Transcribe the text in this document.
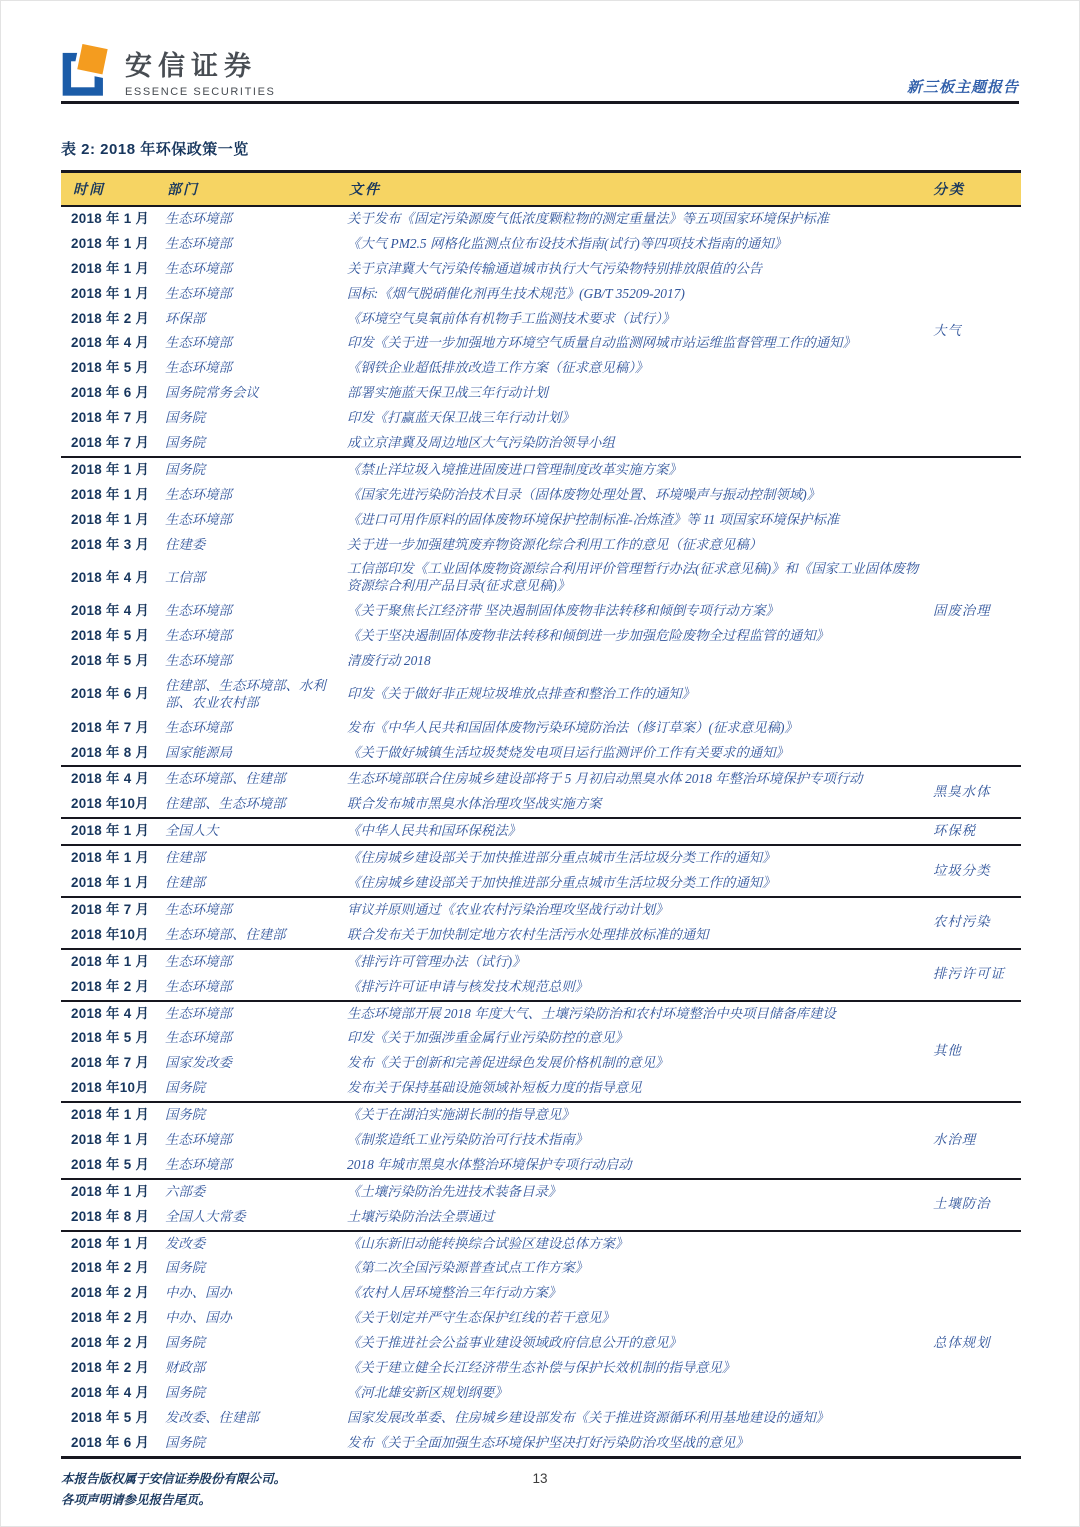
安信证券
ESSENCE SECURITIES	新三板主题报告
表 2: 2018 年环保政策一览
时间	部门	文件	分类
2018 年 1 月	生态环境部	关于发布《固定污染源废气低浓度颗粒物的测定重量法》等五项国家环境保护标准	大气
2018 年 1 月	生态环境部	《大气 PM2.5 网格化监测点位布设技术指南(试行)等四项技术指南的通知》	
2018 年 1 月	生态环境部	关于京津冀大气污染传输通道城市执行大气污染物特别排放限值的公告	
2018 年 1 月	生态环境部	国标:《烟气脱硝催化剂再生技术规范》(GB/T 35209-2017)	
2018 年 2 月	环保部	《环境空气臭氧前体有机物手工监测技术要求（试行）》	
2018 年 4 月	生态环境部	印发《关于进一步加强地方环境空气质量自动监测网城市站运维监督管理工作的通知》	
2018 年 5 月	生态环境部	《钢铁企业超低排放改造工作方案（征求意见稿）》	
2018 年 6 月	国务院常务会议	部署实施蓝天保卫战三年行动计划	
2018 年 7 月	国务院	印发《打赢蓝天保卫战三年行动计划》	
2018 年 7 月	国务院	成立京津冀及周边地区大气污染防治领导小组	
2018 年 1 月	国务院	《禁止洋垃圾入境推进固废进口管理制度改革实施方案》	固废治理
2018 年 1 月	生态环境部	《国家先进污染防治技术目录（固体废物处理处置、环境噪声与振动控制领域)》	
2018 年 1 月	生态环境部	《进口可用作原料的固体废物环境保护控制标准-冶炼渣》等 11 项国家环境保护标准	
2018 年 3 月	住建委	关于进一步加强建筑废弃物资源化综合利用工作的意见（征求意见稿）	
2018 年 4 月	工信部	工信部印发《工业固体废物资源综合利用评价管理暂行办法(征求意见稿)》和《国家工业固体废物资源综合利用产品目录(征求意见稿)》	
2018 年 4 月	生态环境部	《关于聚焦长江经济带 坚决遏制固体废物非法转移和倾倒专项行动方案》	
2018 年 5 月	生态环境部	《关于坚决遏制固体废物非法转移和倾倒进一步加强危险废物全过程监管的通知》	
2018 年 5 月	生态环境部	清废行动 2018	
2018 年 6 月	住建部、生态环境部、水利部、农业农村部	印发《关于做好非正规垃圾堆放点排查和整治工作的通知》	
2018 年 7 月	生态环境部	发布《中华人民共和国固体废物污染环境防治法（修订草案）(征求意见稿)》	
2018 年 8 月	国家能源局	《关于做好城镇生活垃圾焚烧发电项目运行监测评价工作有关要求的通知》	
2018 年 4 月	生态环境部、住建部	生态环境部联合住房城乡建设部将于 5 月初启动黑臭水体 2018 年整治环境保护专项行动	黑臭水体
2018 年10月	住建部、生态环境部	联合发布城市黑臭水体治理攻坚战实施方案	
2018 年 1 月	全国人大	《中华人民共和国环保税法》	环保税
2018 年 1 月	住建部	《住房城乡建设部关于加快推进部分重点城市生活垃圾分类工作的通知》	垃圾分类
2018 年 1 月	住建部	《住房城乡建设部关于加快推进部分重点城市生活垃圾分类工作的通知》	
2018 年 7 月	生态环境部	审议并原则通过《农业农村污染治理攻坚战行动计划》	农村污染
2018 年10月	生态环境部、住建部	联合发布关于加快制定地方农村生活污水处理排放标准的通知	
2018 年 1 月	生态环境部	《排污许可管理办法（试行)》	排污许可证
2018 年 2 月	生态环境部	《排污许可证申请与核发技术规范总则》	
2018 年 4 月	生态环境部	生态环境部开展 2018 年度大气、土壤污染防治和农村环境整治中央项目储备库建设	其他
2018 年 5 月	生态环境部	印发《关于加强涉重金属行业污染防控的意见》	
2018 年 7 月	国家发改委	发布《关于创新和完善促进绿色发展价格机制的意见》	
2018 年10月	国务院	发布关于保持基础设施领域补短板力度的指导意见	
2018 年 1 月	国务院	《关于在湖泊实施湖长制的指导意见》	水治理
2018 年 1 月	生态环境部	《制浆造纸工业污染防治可行技术指南》	
2018 年 5 月	生态环境部	2018 年城市黑臭水体整治环境保护专项行动启动	
2018 年 1 月	六部委	《土壤污染防治先进技术装备目录》	土壤防治
2018 年 8 月	全国人大常委	土壤污染防治法全票通过	
2018 年 1 月	发改委	《山东新旧动能转换综合试验区建设总体方案》	总体规划
2018 年 2 月	国务院	《第二次全国污染源普查试点工作方案》	
2018 年 2 月	中办、国办	《农村人居环境整治三年行动方案》	
2018 年 2 月	中办、国办	《关于划定并严守生态保护红线的若干意见》	
2018 年 2 月	国务院	《关于推进社会公益事业建设领域政府信息公开的意见》	
2018 年 2 月	财政部	《关于建立健全长江经济带生态补偿与保护长效机制的指导意见》	
2018 年 4 月	国务院	《河北雄安新区规划纲要》	
2018 年 5 月	发改委、住建部	国家发展改革委、住房城乡建设部发布《关于推进资源循环利用基地建设的通知》	
2018 年 6 月	国务院	发布《关于全面加强生态环境保护坚决打好污染防治攻坚战的意见》	
本报告版权属于安信证券股份有限公司。
各项声明请参见报告尾页。
13
